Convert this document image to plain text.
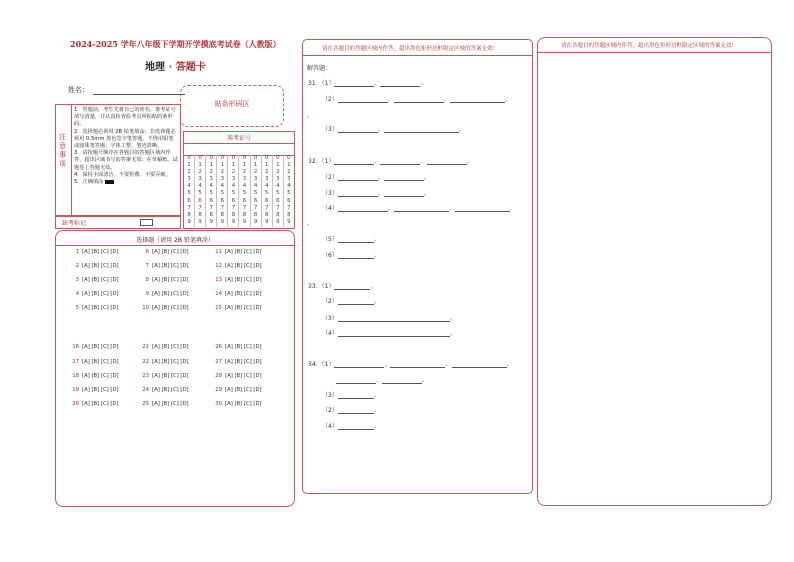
2024-2025 学年八年级下学期开学摸底考试卷（人教版）
地理 · 答题卡
姓名：
贴条形码区
注意事项
1．答题前，考生先将自己的姓名、准考证号填写清楚，并认真检查监考员所粘贴的条形码。
2．选择题必须用 2B 铅笔填涂；非选择题必须用 0.5mm 黑色签字笔答题，不得用铅笔或圆珠笔答题；字体工整、笔迹清晰。
3．请按题号顺序在各题目的答题区域内作答，超出区域书写的答案无效；在草稿纸、试题卷上答题无效。
4．保持卡面清洁，不要折叠、不要弄破。
5．正确填涂
准考证号
0
1
2
3
4
5
6
7
8
9
0
1
2
3
4
5
6
7
8
9
0
1
2
3
4
5
6
7
8
9
0
1
2
3
4
5
6
7
8
9
0
1
2
3
4
5
6
7
8
9
0
1
2
3
4
5
6
7
8
9
0
1
2
3
4
5
6
7
8
9
0
1
2
3
4
5
6
7
8
9
0
1
2
3
4
5
6
7
8
9
0
1
2
3
4
5
6
7
8
9
缺考标记
选择题（请用 2B 铅笔填涂）
1 [A] [B] [C] [D]
2 [A] [B] [C] [D]
3 [A] [B] [C] [D]
4 [A] [B] [C] [D]
5 [A] [B] [C] [D]
6 [A] [B] [C] [D]
7 [A] [B] [C] [D]
8 [A] [B] [C] [D]
9 [A] [B] [C] [D]
10 [A] [B] [C] [D]
11 [A] [B] [C] [D]
12 [A] [B] [C] [D]
13 [A] [B] [C] [D]
14 [A] [B] [C] [D]
15 [A] [B] [C] [D]
16 [A] [B] [C] [D]
17 [A] [B] [C] [D]
18 [A] [B] [C] [D]
19 [A] [B] [C] [D]
20 [A] [B] [C] [D]
21 [A] [B] [C] [D]
22 [A] [B] [C] [D]
23 [A] [B] [C] [D]
24 [A] [B] [C] [D]
25 [A] [B] [C] [D]
26 [A] [B] [C] [D]
27 [A] [B] [C] [D]
28 [A] [B] [C] [D]
29 [A] [B] [C] [D]
30 [A] [B] [C] [D]
请在各题目的答题区域内作答，超出黑色矩形边框限定区域的答案无效！
解答题：
31．（1）	、	。
（2）	、	、	、
。
（3）	、	。
32．（1）	、	、	。
（2）	、	。
（3）	、	。
（4）	、	、	、
。
（5）	。
（6）	。
33．（1）	。
（2）	。
（3）	。
（4）	。
34．（1）	、	、	、
、	。
（2）	。
（4）	。
（3）	。
请在各题目的答题区域内作答，超出黑色矩形边框限定区域的答案无效！
